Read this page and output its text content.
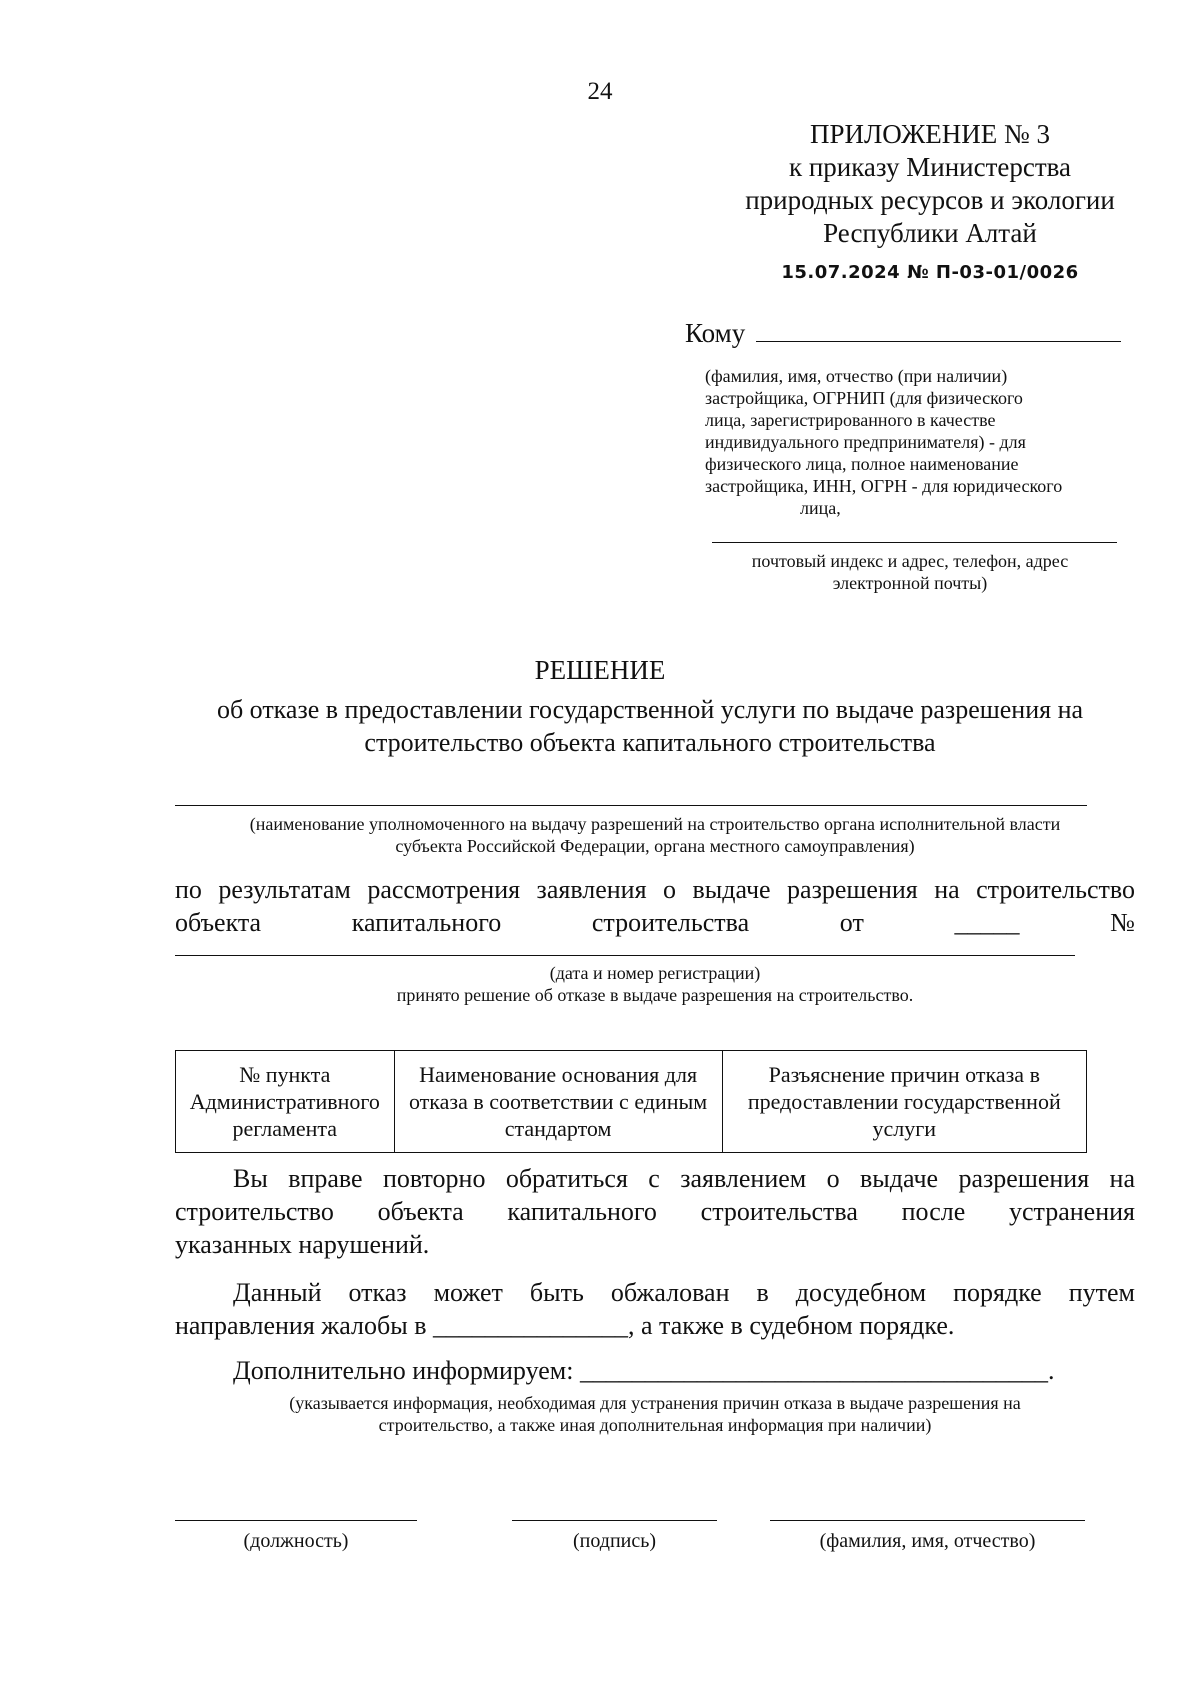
24
ПРИЛОЖЕНИЕ № 3
к приказу Министерства
природных ресурсов и экологии
Республики Алтай
15.07.2024 № П-03-01/0026
Кому

(фамилия, имя, отчество (при наличии)

застройщика, ОГРНИП (для физического

лица, зарегистрированного в качестве

индивидуального предпринимателя) - для

физического лица, полное наименование

застройщика, ИНН, ОГРН - для юридического

лица,

почтовый индекс и адрес, телефон, адрес
электронной почты)
РЕШЕНИЕ
об отказе в предоставлении государственной услуги по выдаче разрешения на
строительство объекта капитального строительства
(наименование уполномоченного на выдачу разрешений на строительство органа исполнительной власти
субъекта Российской Федерации, органа местного самоуправления)
по результатам рассмотрения заявления о выдаче разрешения на строительство
объекта	капитального	строительства	от	_____	№
(дата и номер регистрации)
принято решение об отказе в выдаче разрешения на строительство.
№ пункта Административного регламента	Наименование основания для отказа в соответствии с единым стандартом	Разъяснение причин отказа в предоставлении государственной услуги
Вы вправе повторно обратиться с заявлением о выдаче разрешения на
строительство объекта капитального строительства после устранения
указанных нарушений.
Данный отказ может быть обжалован в досудебном порядке путем
направления жалобы в _______________, а также в судебном порядке.
Дополнительно информируем: ____________________________________.
(указывается информация, необходимая для устранения причин отказа в выдаче разрешения на
строительство, а также иная дополнительная информация при наличии)
(должность)	(подпись)	(фамилия, имя, отчество)
